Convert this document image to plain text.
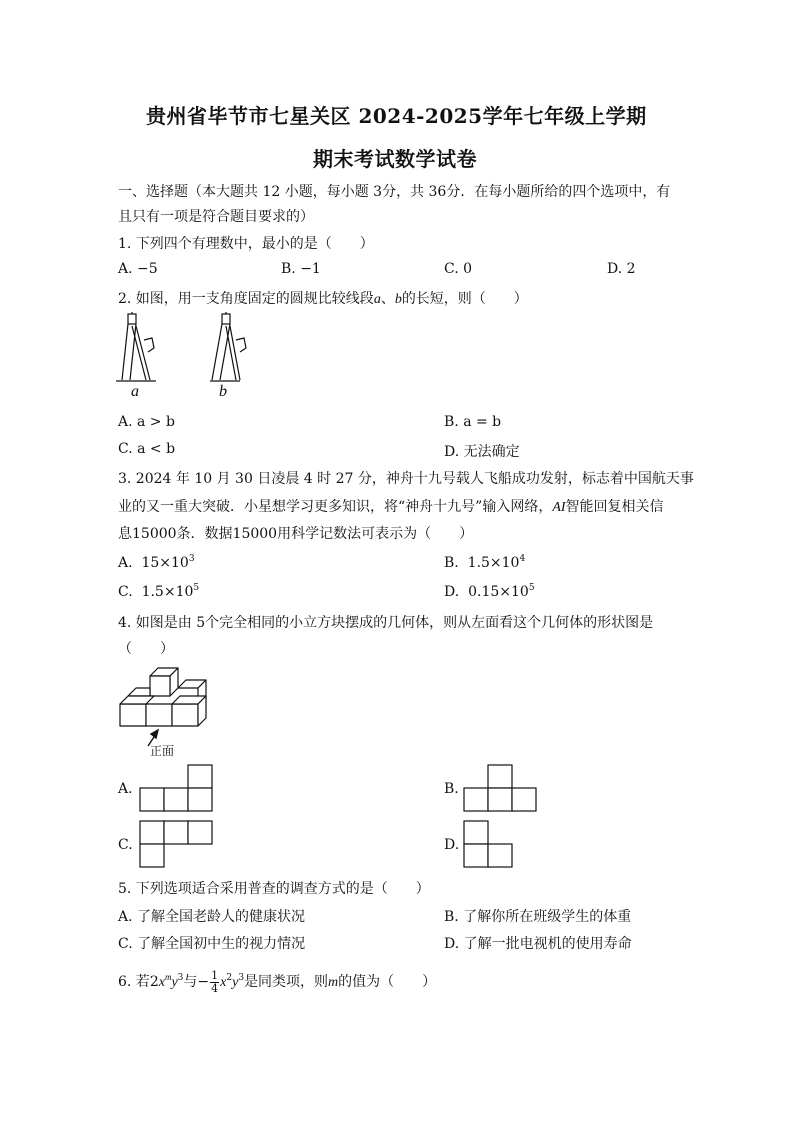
贵州省毕节市七星关区 2024-2025学年七年级上学期
期末考试数学试卷
一、选择题（本大题共 12 小题，每小题 3分，共 36分．在每小题所给的四个选项中，有
且只有一项是符合题目要求的）
1. 下列四个有理数中，最小的是（　　）
A. −5	B. −1	C. 0	D. 2
2. 如图，用一支角度固定的圆规比较线段a、b的长短，则（　　）
a	b
A. a > b	B. a = b
C. a < b	D. 无法确定
3. 2024 年 10 月 30 日凌晨 4 时 27 分，神舟十九号载人飞船成功发射，标志着中国航天事
业的又一重大突破．小星想学习更多知识，将“神舟十九号”输入网络，AI智能回复相关信
息15000条．数据15000用科学记数法可表示为（　　）
A. $15\times 10^3$	B. $1.5\times 10^4$
C. $1.5\times 10^5$	D. $0.15\times 10^5$
4. 如图是由 5个完全相同的小立方块摆成的几何体，则从左面看这个几何体的形状图是
（　　）
正面
A.	B.
C.	D.
5. 下列选项适合采用普查的调查方式的是（　　）
A. 了解全国老龄人的健康状况	B. 了解你所在班级学生的体重
C. 了解全国初中生的视力情况	D. 了解一批电视机的使用寿命
6. 若$2x^my^3$与− $\frac{1}{4} x^2y^3$是同类项，则m的值为（　　）
